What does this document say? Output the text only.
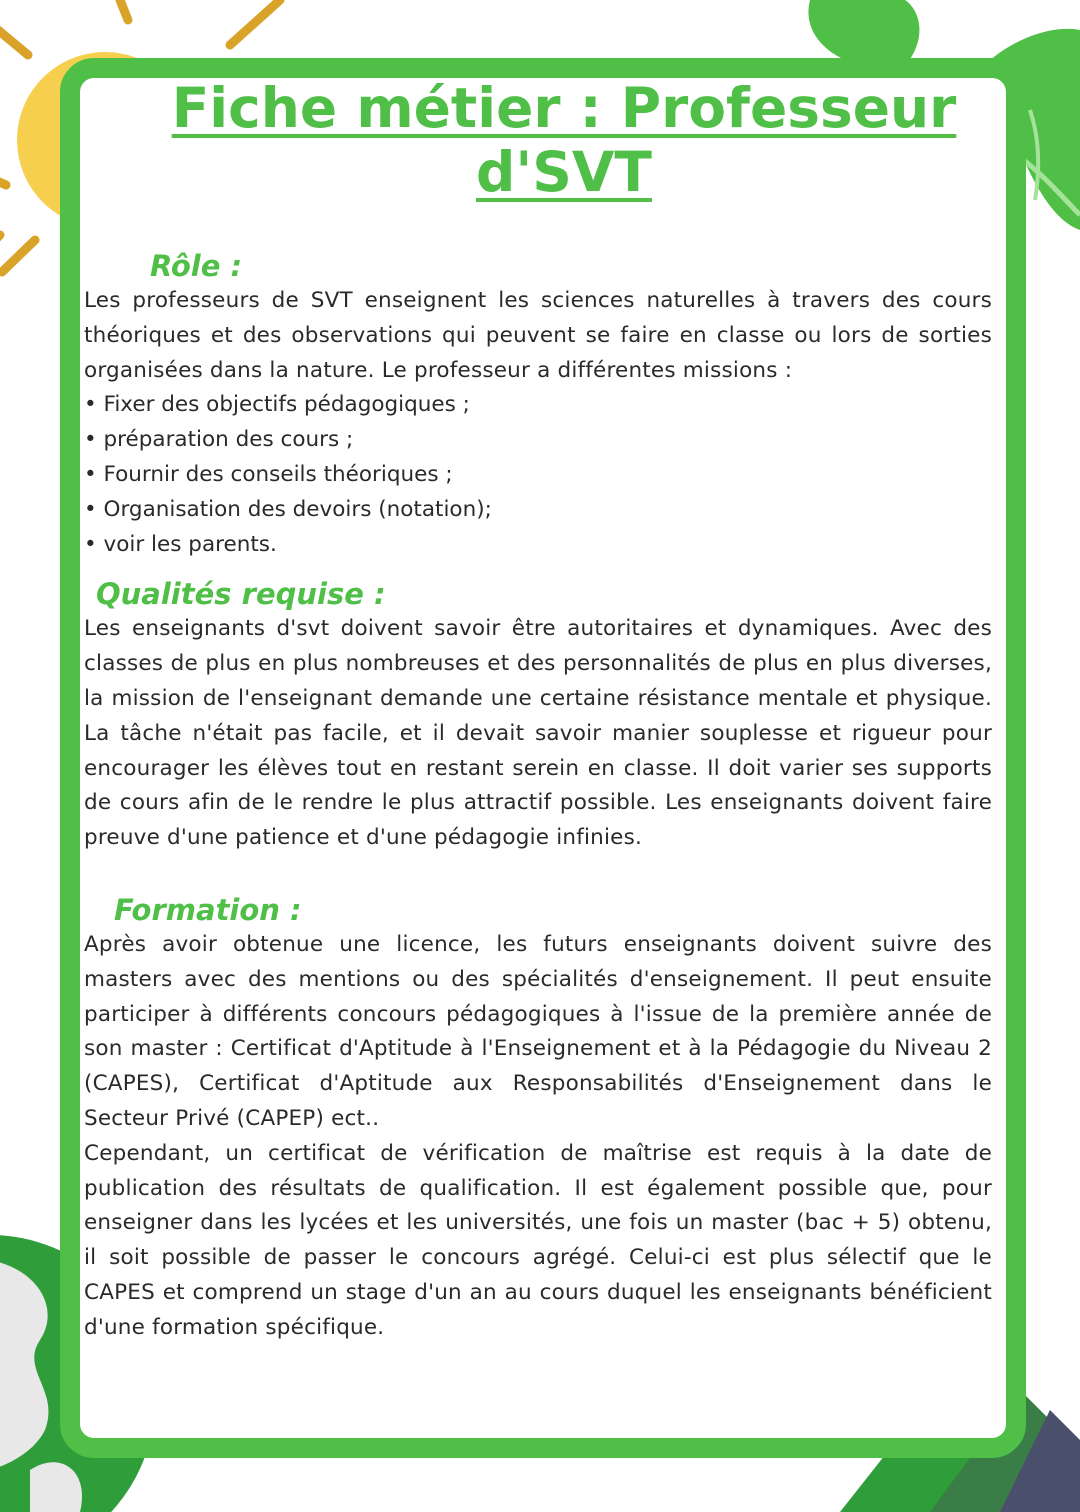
Fiche métier : Professeur
d'SVT
Rôle :

Les professeurs de SVT enseignent les sciences naturelles à travers des cours théoriques et des observations qui peuvent se faire en classe ou lors de sorties organisées dans la nature. Le professeur a différentes missions :

• Fixer des objectifs pédagogiques ;
• préparation des cours ;
• Fournir des conseils théoriques ;
• Organisation des devoirs (notation);
• voir les parents.
Qualités requise :

Les enseignants d'svt doivent savoir être autoritaires et dynamiques. Avec des classes de plus en plus nombreuses et des personnalités de plus en plus diverses, la mission de l'enseignant demande une certaine résistance mentale et physique. La tâche n'était pas facile, et il devait savoir manier souplesse et rigueur pour encourager les élèves tout en restant serein en classe. Il doit varier ses supports de cours afin de le rendre le plus attractif possible. Les enseignants doivent faire preuve d'une patience et d'une pédagogie infinies.

Formation :

Après avoir obtenue une licence, les futurs enseignants doivent suivre des masters avec des mentions ou des spécialités d'enseignement. Il peut ensuite participer à différents concours pédagogiques à l'issue de la première année de son master : Certificat d'Aptitude à l'Enseignement et à la Pédagogie du Niveau 2 (CAPES), Certificat d'Aptitude aux Responsabilités d'Enseignement dans le Secteur Privé (CAPEP) ect..

Cependant, un certificat de vérification de maîtrise est requis à la date de publication des résultats de qualification. Il est également possible que, pour enseigner dans les lycées et les universités, une fois un master (bac + 5) obtenu, il soit possible de passer le concours agrégé. Celui-ci est plus sélectif que le CAPES et comprend un stage d'un an au cours duquel les enseignants bénéficient d'une formation spécifique.
